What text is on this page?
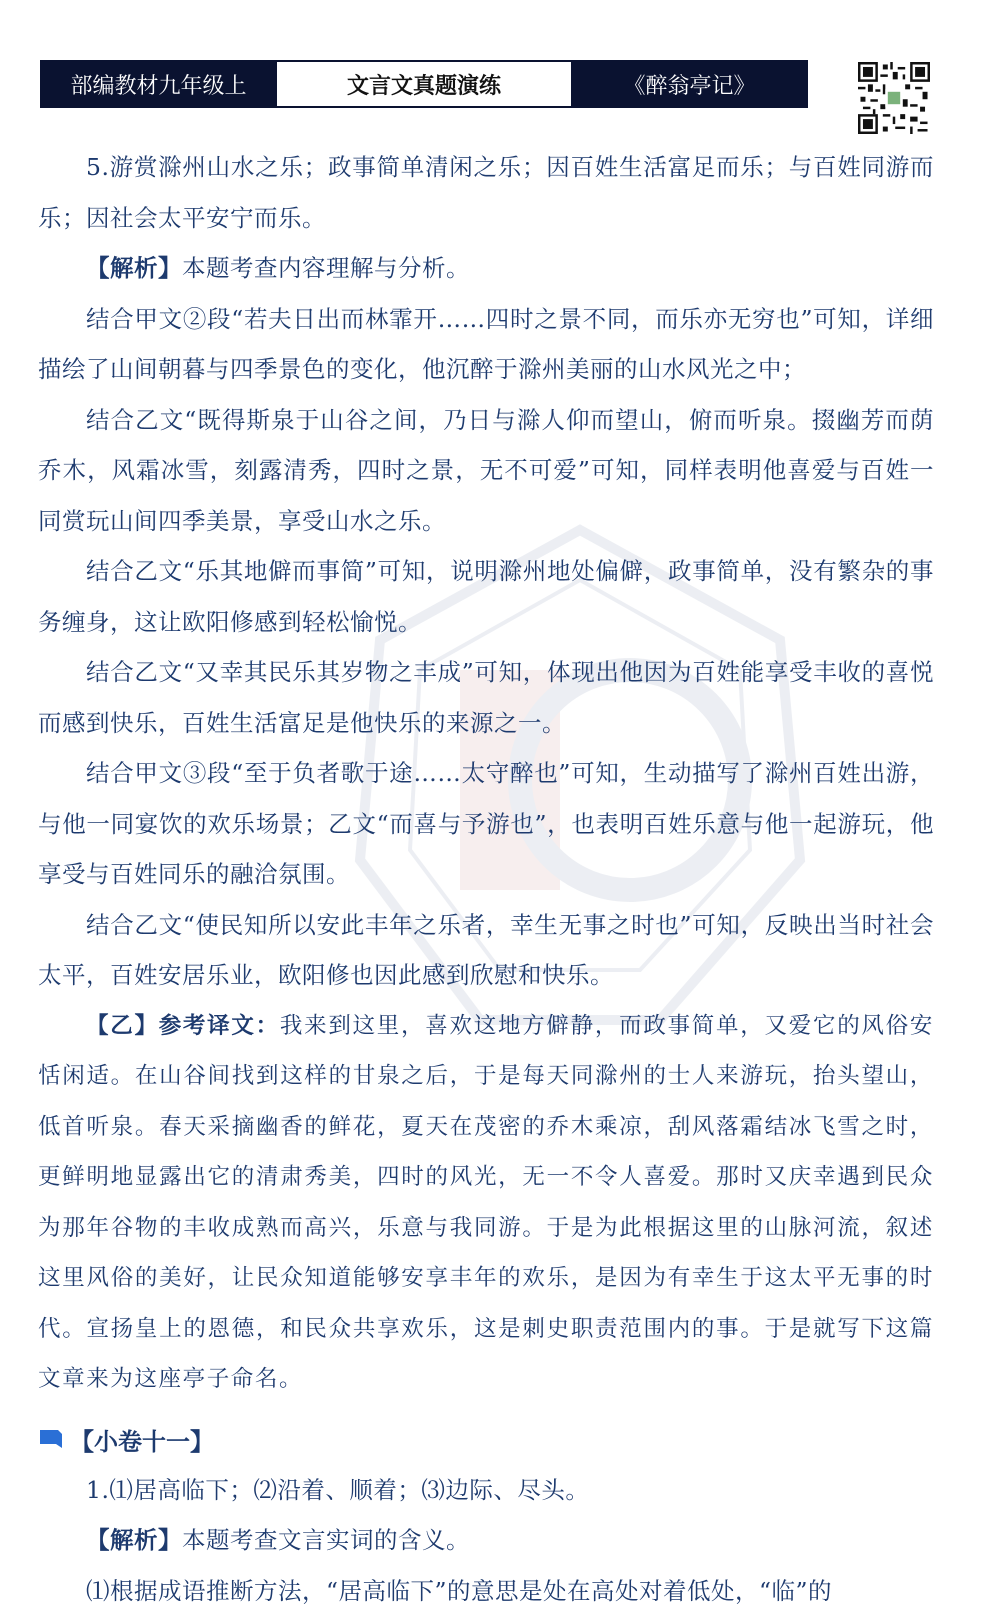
部编教材九年级上	文言文真题演练	《醉翁亭记》

5.游赏滁州山水之乐；政事简单清闲之乐；因百姓生活富足而乐；与百姓同游而乐；因社会太平安宁而乐。

【解析】本题考查内容理解与分析。

结合甲文②段“若夫日出而林霏开……四时之景不同，而乐亦无穷也”可知，详细描绘了山间朝暮与四季景色的变化，他沉醉于滁州美丽的山水风光之中；

结合乙文“既得斯泉于山谷之间，乃日与滁人仰而望山，俯而听泉。掇幽芳而荫乔木，风霜冰雪，刻露清秀，四时之景，无不可爱”可知，同样表明他喜爱与百姓一同赏玩山间四季美景，享受山水之乐。

结合乙文“乐其地僻而事简”可知，说明滁州地处偏僻，政事简单，没有繁杂的事务缠身，这让欧阳修感到轻松愉悦。

结合乙文“又幸其民乐其岁物之丰成”可知，体现出他因为百姓能享受丰收的喜悦而感到快乐，百姓生活富足是他快乐的来源之一。

结合甲文③段“至于负者歌于途……太守醉也”可知，生动描写了滁州百姓出游，与他一同宴饮的欢乐场景；乙文“而喜与予游也”，也表明百姓乐意与他一起游玩，他享受与百姓同乐的融洽氛围。

结合乙文“使民知所以安此丰年之乐者，幸生无事之时也”可知，反映出当时社会太平，百姓安居乐业，欧阳修也因此感到欣慰和快乐。

【乙】参考译文：我来到这里，喜欢这地方僻静，而政事简单，又爱它的风俗安恬闲适。在山谷间找到这样的甘泉之后，于是每天同滁州的士人来游玩，抬头望山，低首听泉。春天采摘幽香的鲜花，夏天在茂密的乔木乘凉，刮风落霜结冰飞雪之时，更鲜明地显露出它的清肃秀美，四时的风光，无一不令人喜爱。那时又庆幸遇到民众为那年谷物的丰收成熟而高兴，乐意与我同游。于是为此根据这里的山脉河流，叙述这里风俗的美好，让民众知道能够安享丰年的欢乐，是因为有幸生于这太平无事的时代。宣扬皇上的恩德，和民众共享欢乐，这是刺史职责范围内的事。于是就写下这篇文章来为这座亭子命名。

【小卷十一】

1.⑴居高临下；⑵沿着、顺着；⑶边际、尽头。

【解析】本题考查文言实词的含义。

⑴根据成语推断方法，“居高临下”的意思是处在高处对着低处，“临”的
